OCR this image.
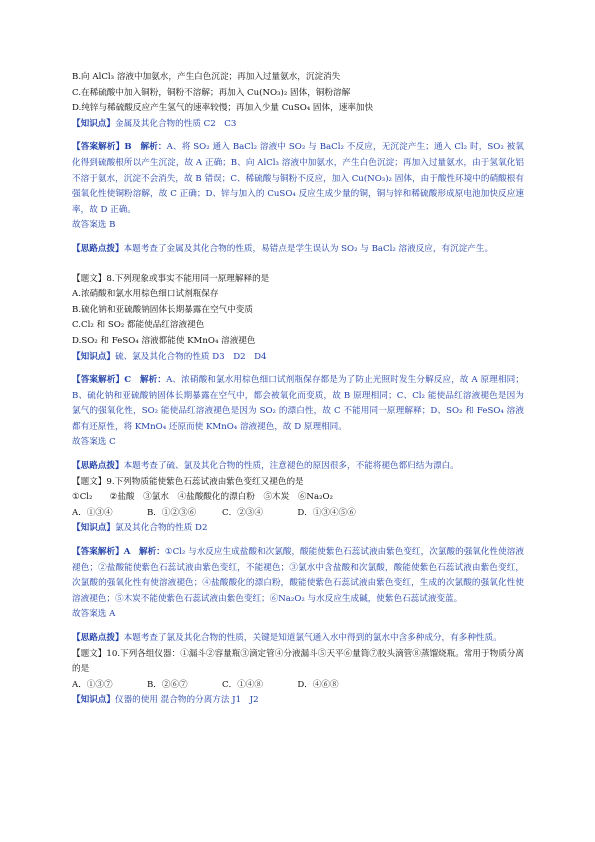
B.向 AlCl₃ 溶液中加氨水，产生白色沉淀；再加入过量氨水，沉淀消失
C.在稀硫酸中加入铜粉，铜粉不溶解；再加入 Cu(NO₃)₂ 固体，铜粉溶解
D.纯锌与稀硫酸反应产生氢气的速率较慢；再加入少量 CuSO₄ 固体，速率加快
【知识点】金属及其化合物的性质 C2　C3
【答案解析】B　 解析：A、将 SO₂ 通入 BaCl₂ 溶液中 SO₂ 与 BaCl₂ 不反应，无沉淀产生；通入 Cl₂ 时，SO₂ 被氧化得到硫酸根所以产生沉淀，故 A 正确；B、向 AlCl₃ 溶液中加氨水，产生白色沉淀；再加入过量氨水，由于氢氧化铝不溶于氨水，沉淀不会消失，故 B 错误；C、稀硫酸与铜粉不反应，加入 Cu(NO₃)₂ 固体，由于酸性环境中的硝酸根有强氧化性使铜粉溶解，故 C 正确；D、锌与加入的 CuSO₄ 反应生成少量的铜，铜与锌和稀硫酸形成原电池加快反应速率，故 D 正确。
故答案选 B
【思路点拨】本题考查了金属及其化合物的性质，易错点是学生误认为 SO₂ 与 BaCl₂ 溶液反应，有沉淀产生。
【题文】8.下列现象或事实不能用同一原理解释的是
A.浓硝酸和氯水用棕色细口试剂瓶保存
B.硫化钠和亚硫酸钠固体长期暴露在空气中变质
C.Cl₂ 和 SO₂ 都能使品红溶液褪色
D.SO₂ 和 FeSO₄ 溶液都能使 KMnO₄ 溶液褪色
【知识点】硫、氯及其化合物的性质 D3　D2　D4
【答案解析】C　 解析：A、浓硝酸和氯水用棕色细口试剂瓶保存都是为了防止光照时发生分解反应，故 A 原理相同；B、硫化钠和亚硫酸钠固体长期暴露在空气中，都会被氧化而变质，故 B 原理相同；C、Cl₂ 能使品红溶液褪色是因为氯气的强氧化性，SO₂ 能使品红溶液褪色是因为 SO₂ 的漂白性，故 C 不能用同一原理解释；D、SO₂ 和 FeSO₄ 溶液都有还原性，将 KMnO₄ 还原而使 KMnO₄ 溶液褪色，故 D 原理相同。
故答案选 C
【思路点拨】本题考查了硫、氯及其化合物的性质，注意褪色的原因很多，不能将褪色都归结为漂白。
【题文】9.下列物质能使紫色石蕊试液由紫色变红又褪色的是
①Cl₂　　②盐酸　③氯水　④盐酸酸化的漂白粉　⑤木炭　⑥Na₂O₂
A．①③④　　　　B．①②③⑥　　　C．②③④　　　　D．①③④⑤⑥
【知识点】氯及其化合物的性质 D2
【答案解析】A　 解析：①Cl₂ 与水反应生成盐酸和次氯酸，酸能使紫色石蕊试液由紫色变红，次氯酸的强氧化性使溶液褪色；②盐酸能使紫色石蕊试液由紫色变红，不能褪色；③氯水中含盐酸和次氯酸，酸能使紫色石蕊试液由紫色变红，次氯酸的强氧化性有使溶液褪色；④盐酸酸化的漂白粉，酸能使紫色石蕊试液由紫色变红，生成的次氯酸的强氧化性使溶液褪色；⑤木炭不能使紫色石蕊试液由紫色变红；⑥Na₂O₂ 与水反应生成碱，使紫色石蕊试液变蓝。
故答案选 A
【思路点拨】本题考查了氯及其化合物的性质，关键是知道氯气通入水中得到的氯水中含多种成分，有多种性质。
【题文】10.下列各组仪器：①漏斗②容量瓶③滴定管④分液漏斗⑤天平⑥量筒⑦胶头滴管⑧蒸馏烧瓶。常用于物质分离的是
A．①③⑦　　　　B．②⑥⑦　　　　C．①④⑧　　　　D．④⑥⑧
【知识点】仪器的使用 混合物的分离方法 J1　J2
